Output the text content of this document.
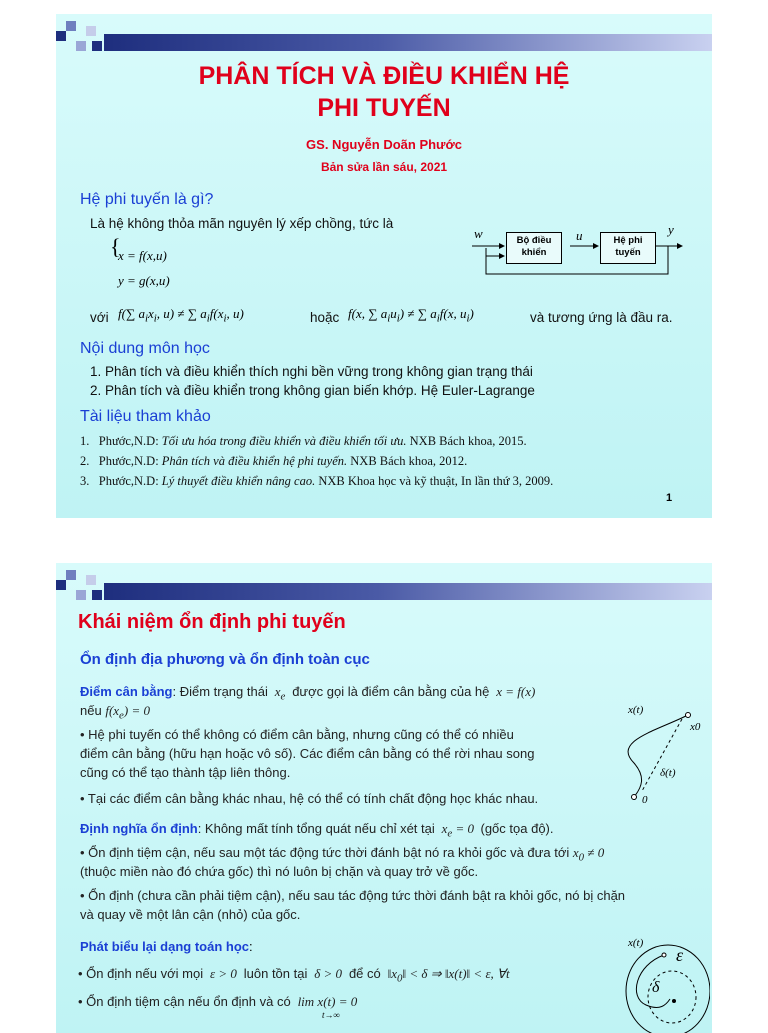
PHÂN TÍCH VÀ ĐIỀU KHIỂN HỆ
PHI TUYẾN
GS. Nguyễn Doãn Phước
Bản sửa lần sáu, 2021
Hệ phi tuyến là gì?
Là hệ không thỏa mãn nguyên lý xếp chồng, tức là
{
x = f(x,u)
y = g(x,u)
Bộ điều khiển
Hệ phi tuyến
w	u	y
với f(∑ $a_ix_i$, u) ≠ ∑ $a_if(x_i$, u)	hoặc f(x, ∑ $a_iu_i$) ≠ ∑ $a_if(x$, $u_i$)	và tương ứng là đầu ra.
Nội dung môn học
1. Phân tích và điều khiển thích nghi bền vững trong không gian trạng thái
2. Phân tích và điều khiển trong không gian biến khớp. Hệ Euler-Lagrange
Tài liệu tham khảo
1. Phước,N.D: Tối ưu hóa trong điều khiển và điều khiển tối ưu. NXB Bách khoa, 2015.
2. Phước,N.D: Phân tích và điều khiển hệ phi tuyến. NXB Bách khoa, 2012.
3. Phước,N.D: Lý thuyết điều khiển nâng cao. NXB Khoa học và kỹ thuật, In lần thứ 3, 2009.
1
Khái niệm ổn định phi tuyến
Ổn định địa phương và ổn định toàn cục
Điểm cân bằng: Điểm trạng thái  $x_e$ được gọi là điểm cân bằng của hệ  x = f(x)
nếu $f(x_e) = 0$
• Hệ phi tuyến có thể không có điểm cân bằng, nhưng cũng có thể có nhiều
điểm cân bằng (hữu hạn hoặc vô số). Các điểm cân bằng có thể rời nhau song
cũng có thể tạo thành tập liên thông.
• Tại các điểm cân bằng khác nhau, hệ có thể có tính chất động học khác nhau.
x(t)
x0
δ(t)
0
Định nghĩa ổn định: Không mất tính tổng quát nếu chỉ xét tại  $x_e = 0$  (gốc tọa độ).
• Ổn định tiệm cận, nếu sau một tác động tức thời đánh bật nó ra khỏi gốc và đưa tới $x_0 \ne 0$
(thuộc miền nào đó chứa gốc) thì nó luôn bị chặn và quay trở về gốc.
• Ổn định (chưa cần phải tiệm cận), nếu sau tác động tức thời đánh bật ra khỏi gốc, nó bị chặn
và quay về một lân cận (nhỏ) của gốc.
Phát biểu lại dạng toán học:
• Ổn định nếu với mọi  ε > 0  luôn tồn tại  δ > 0  để có  $‖x_0‖ < \delta$ ⇒ ‖x(t)‖ < ε, ∀t
• Ổn định tiệm cận nếu ổn định và có  lim x(t) = 0
t→∞
x(t)
ε
δ
